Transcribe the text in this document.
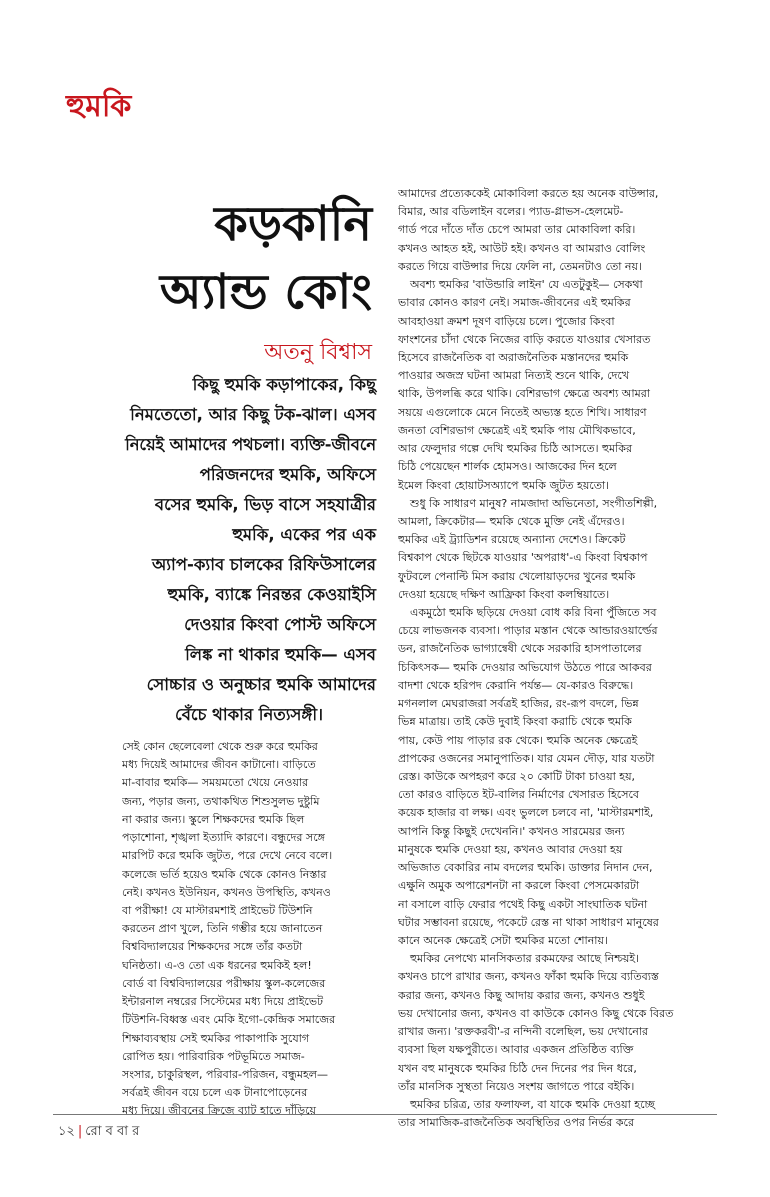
হুমকি
কড়কানি
অ্যান্ড কোং
অতনু বিশ্বাস
কিছু হুমকি কড়াপাকের, কিছু
নিমতেতো, আর কিছু টক-ঝাল। এসব
নিয়েই আমাদের পথচলা। ব্যক্তি-জীবনে
পরিজনদের হুমকি, অফিসে
বসের হুমকি, ভিড় বাসে সহযাত্রীর
হুমকি, একের পর এক
অ্যাপ-ক্যাব চালকের রিফিউসালের
হুমকি, ব্যাঙ্কে নিরন্তর কেওয়াইসি
দেওয়ার কিংবা পোস্ট অফিসে
লিঙ্ক না থাকার হুমকি— এসব
সোচ্চার ও অনুচ্চার হুমকি আমাদের
বেঁচে থাকার নিত্যসঙ্গী।
সেই কোন ছেলেবেলা থেকে শুরু করে হুমকির
মধ্য দিয়েই আমাদের জীবন কাটানো। বাড়িতে
মা-বাবার হুমকি— সময়মতো খেয়ে নেওয়ার
জন্য, পড়ার জন্য, তথাকথিত শিশুসুলভ দুষ্টুমি
না করার জন্য। স্কুলে শিক্ষকদের হুমকি ছিল
পড়াশোনা, শৃঙ্খলা ইত্যাদি কারণে। বন্ধুদের সঙ্গে
মারপিট করে হুমকি জুটত, পরে দেখে নেবে বলে।
কলেজে ভর্তি হয়েও হুমকি থেকে কোনও নিস্তার
নেই। কখনও ইউনিয়ন, কখনও উপস্থিতি, কখনও
বা পরীক্ষা! যে মাস্টারমশাই প্রাইভেট টিউশনি
করতেন প্রাণ খুলে, তিনি গম্ভীর হয়ে জানাতেন
বিশ্ববিদ্যালয়ের শিক্ষকদের সঙ্গে তাঁর কতটা
ঘনিষ্ঠতা। এ-ও তো এক ধরনের হুমকিই হল!
বোর্ড বা বিশ্ববিদ্যালয়ের পরীক্ষায় স্কুল-কলেজের
ইন্টারনাল নম্বরের সিস্টেমের মধ্য দিয়ে প্রাইভেট
টিউশনি-বিধ্বস্ত এবং মেকি ইগো-কেন্দ্রিক সমাজের
শিক্ষাব্যবস্থায় সেই হুমকির পাকাপাকি সুযোগ
রোপিত হয়। পারিবারিক পটভূমিতে সমাজ-
সংসার, চাকুরিস্থল, পরিবার-পরিজন, বন্ধুমহল—
সর্বত্রই জীবন বয়ে চলে এক টানাপোড়েনের
মধ্য দিয়ে। জীবনের ক্রিজে ব্যাট হাতে দাঁড়িয়ে
আমাদের প্রত্যেককেই মোকাবিলা করতে হয় অনেক বাউন্সার,
বিমার, আর বডিলাইন বলের। প্যাড-গ্লাভস-হেলমেট-
গার্ড পরে দাঁতে দাঁত চেপে আমরা তার মোকাবিলা করি।
কখনও আহত হই, আউট হই। কখনও বা আমরাও বোলিং
করতে গিয়ে বাউন্সার দিয়ে ফেলি না, তেমনটাও তো নয়।
অবশ্য হুমকির 'বাউন্ডারি লাইন' যে এতটুকুই— সেকথা
ভাবার কোনও কারণ নেই। সমাজ-জীবনের এই হুমকির
আবহাওয়া ক্রমশ দূষণ বাড়িয়ে চলে। পুজোর কিংবা
ফাংশনের চাঁদা থেকে নিজের বাড়ি করতে যাওয়ার খেসারত
হিসেবে রাজনৈতিক বা অরাজনৈতিক মস্তানদের হুমকি
পাওয়ার অজস্র ঘটনা আমরা নিত্যই শুনে থাকি, দেখে
থাকি, উপলব্ধি করে থাকি। বেশিরভাগ ক্ষেত্রে অবশ্য আমরা
সয়য়ে এগুলোকে মেনে নিতেই অভ্যস্ত হতে শিখি। সাধারণ
জনতা বেশিরভাগ ক্ষেত্রেই এই হুমকি পায় মৌখিকভাবে,
আর ফেলুদার গল্পে দেখি হুমকির চিঠি আসতে। হুমকির
চিঠি পেয়েছেন শার্লক হোমসও। আজকের দিন হলে
ইমেল কিংবা হোয়াটসঅ্যাপে হুমকি জুটত হয়তো।
শুধু কি সাধারণ মানুষ? নামজাদা অভিনেতা, সংগীতশিল্পী,
আমলা, ক্রিকেটার— হুমকি থেকে মুক্তি নেই এঁদেরও।
হুমকির এই ট্র্যাডিশন রয়েছে অন্যান্য দেশেও। ক্রিকেট
বিশ্বকাপ থেকে ছিটকে যাওয়ার 'অপরাধ'-এ কিংবা বিশ্বকাপ
ফুটবলে পেনাল্টি মিস করায় খেলোয়াড়দের খুনের হুমকি
দেওয়া হয়েছে দক্ষিণ আফ্রিকা কিংবা কলম্বিয়াতে।
একমুঠো হুমকি ছড়িয়ে দেওয়া বোধ করি বিনা পুঁজিতে সব
চেয়ে লাভজনক ব্যবসা। পাড়ার মস্তান থেকে আন্ডারওয়ার্ল্ডের
ডন, রাজনৈতিক ভাগ্যান্বেষী থেকে সরকারি হাসপাতালের
চিকিৎসক— হুমকি দেওয়ার অভিযোগ উঠতে পারে আকবর
বাদশা থেকে হরিপদ কেরানি পর্যন্ত— যে-কারও বিরুদ্ধে।
মগনলাল মেঘরাজরা সর্বত্রই হাজির, রং-রূপ বদলে, ভিন্ন
ভিন্ন মাত্রায়। তাই কেউ দুবাই কিংবা করাচি থেকে হুমকি
পায়, কেউ পায় পাড়ার রক থেকে। হুমকি অনেক ক্ষেত্রেই
প্রাপকের ওজনের সমানুপাতিক। যার যেমন দৌড়, যার যতটা
রেস্ত। কাউকে অপহরণ করে ২০ কোটি টাকা চাওয়া হয়,
তো কারও বাড়িতে ইট-বালির নির্মাণের খেসারত হিসেবে
কয়েক হাজার বা লক্ষ। এবং ভুললে চলবে না, 'মাস্টারমশাই,
আপনি কিন্তু কিছুই দেখেননি।' কখনও সারমেয়র জন্য
মানুষকে হুমকি দেওয়া হয়, কখনও আবার দেওয়া হয়
অভিজাত বেকারির নাম বদলের হুমকি। ডাক্তার নিদান দেন,
এক্ষুনি অমুক অপারেশনটা না করলে কিংবা পেসমেকারটা
না বসালে বাড়ি ফেরার পথেই কিছু একটা সাংঘাতিক ঘটনা
ঘটার সম্ভাবনা রয়েছে, পকেটে রেস্ত না থাকা সাধারণ মানুষের
কানে অনেক ক্ষেত্রেই সেটা হুমকির মতো শোনায়।
হুমকির নেপথ্যে মানসিকতার রকমফের আছে নিশ্চয়ই।
কখনও চাপে রাখার জন্য, কখনও ফাঁকা হুমকি দিয়ে ব্যতিব্যস্ত
করার জন্য, কখনও কিছু আদায় করার জন্য, কখনও শুধুই
ভয় দেখানোর জন্য, কখনও বা কাউকে কোনও কিছু থেকে বিরত
রাখার জন্য। 'রক্তকরবী'-র নন্দিনী বলেছিল, ভয় দেখানোর
ব্যবসা ছিল যক্ষপুরীতে। আবার একজন প্রতিষ্ঠিত ব্যক্তি
যখন বহু মানুষকে হুমকির চিঠি দেন দিনের পর দিন ধরে,
তাঁর মানসিক সুস্থতা নিয়েও সংশয় জাগতে পারে বইকি।
হুমকির চরিত্র, তার ফলাফল, বা যাকে হুমকি দেওয়া হচ্ছে
তার সামাজিক-রাজনৈতিক অবস্থিতির ওপর নির্ভর করে
১২ | রো ব বা র
